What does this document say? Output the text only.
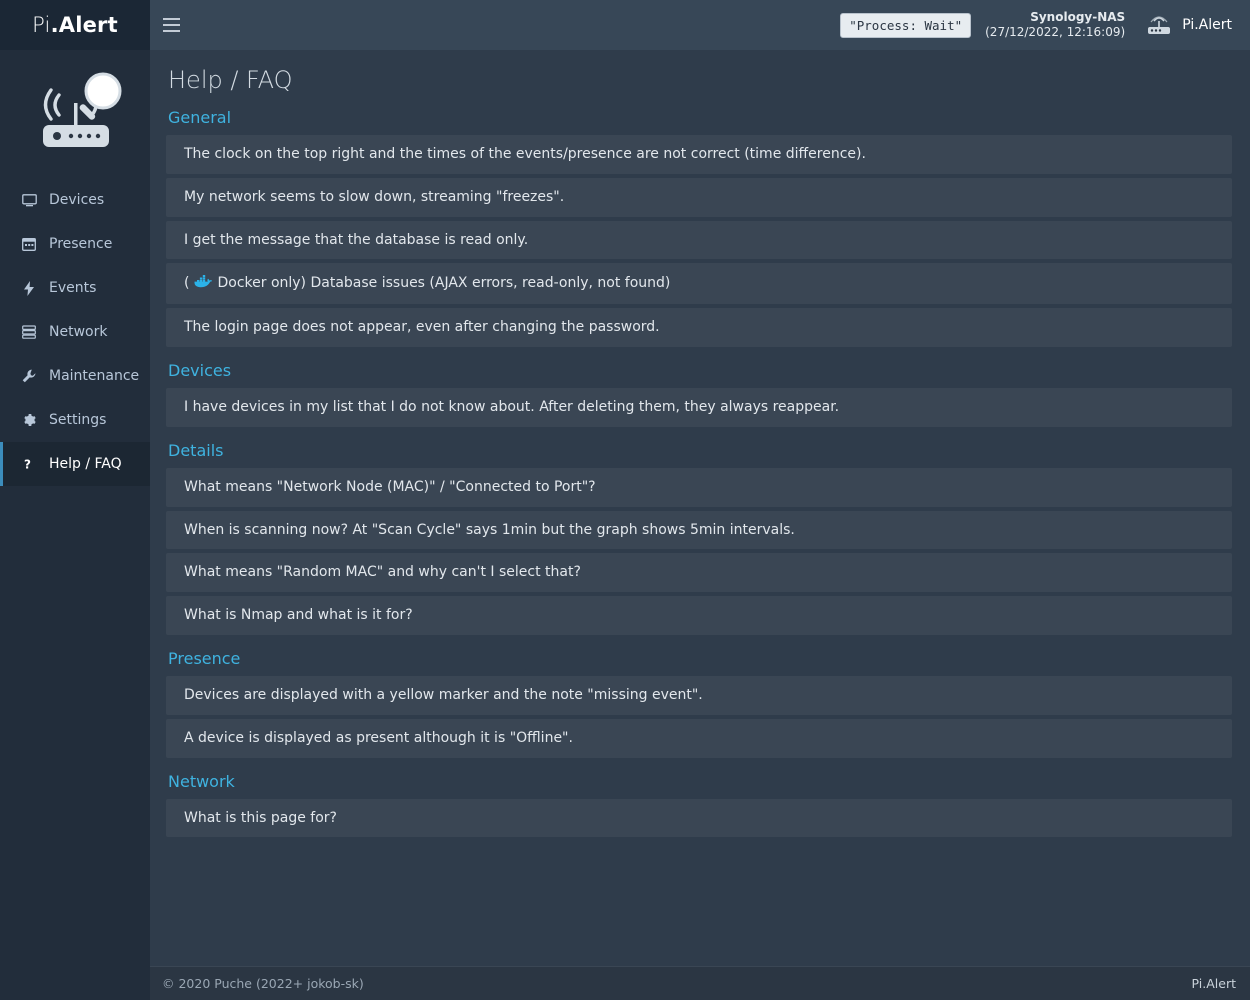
Pi .Alert	"Process: Wait"
Synology-NAS
(27/12/2022, 12:16:09)	Pi.Alert
Devices
Presence
Events
Network
Maintenance
Settings
? Help / FAQ
Help / FAQ
General
The clock on the top right and the times of the events/presence are not correct (time difference).
My network seems to slow down, streaming "freezes".
I get the message that the database is read only.
( Docker only) Database issues (AJAX errors, read-only, not found)
The login page does not appear, even after changing the password.
Devices
I have devices in my list that I do not know about. After deleting them, they always reappear.
Details
What means "Network Node (MAC)" / "Connected to Port"?
When is scanning now? At "Scan Cycle" says 1min but the graph shows 5min intervals.
What means "Random MAC" and why can't I select that?
What is Nmap and what is it for?
Presence
Devices are displayed with a yellow marker and the note "missing event".
A device is displayed as present although it is "Offline".
Network
What is this page for?
© 2020 Puche (2022+ jokob-sk)	Pi.Alert
